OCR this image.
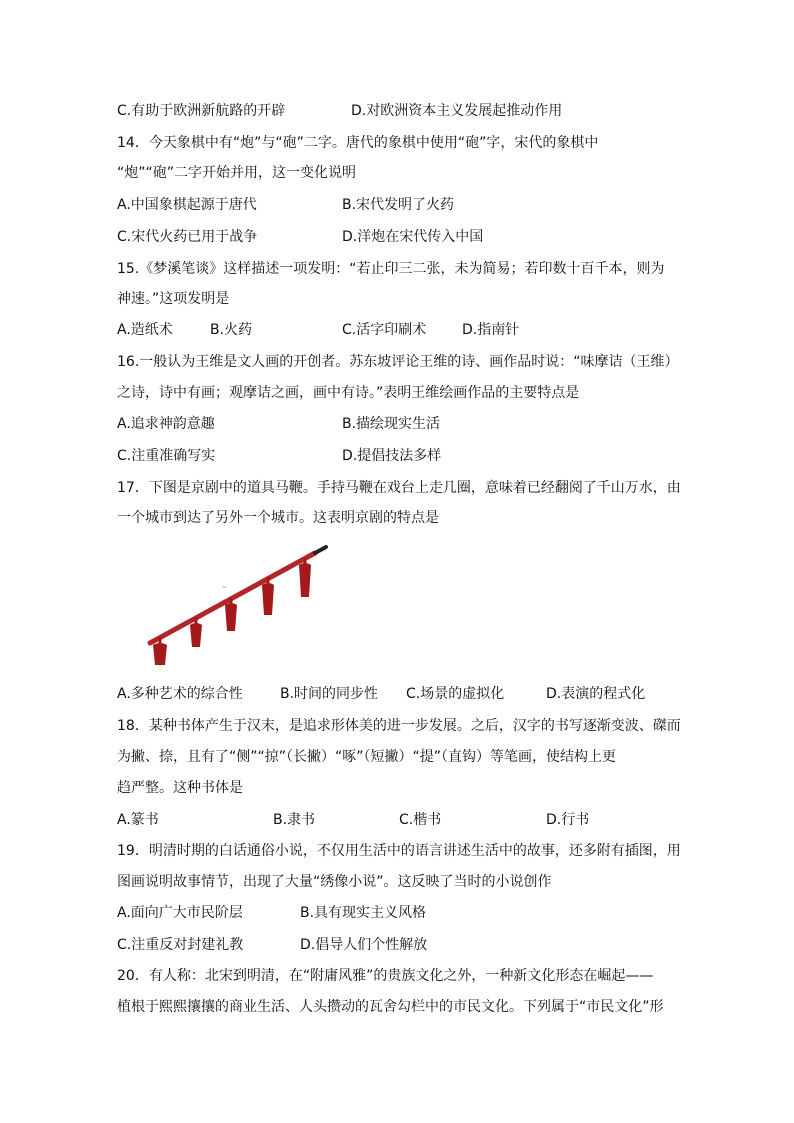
C.有助于欧洲新航路的开辟	D.对欧洲资本主义发展起推动作用
14．今天象棋中有“炮”与“砲”二字。唐代的象棋中使用“砲”字，宋代的象棋中
“炮”“砲”二字开始并用，这一变化说明
A.中国象棋起源于唐代	B.宋代发明了火药
C.宋代火药已用于战争	D.洋炮在宋代传入中国
15.《梦溪笔谈》这样描述一项发明：“若止印三二张，未为简易；若印数十百千本，则为
神速。”这项发明是
A.造纸术	B.火药	C.活字印刷术	D.指南针
16.一般认为王维是文人画的开创者。苏东坡评论王维的诗、画作品时说：“味摩诘（王维）
之诗，诗中有画；观摩诘之画，画中有诗。”表明王维绘画作品的主要特点是
A.追求神韵意趣	B.描绘现实生活
C.注重准确写实	D.提倡技法多样
17．下图是京剧中的道具马鞭。手持马鞭在戏台上走几圈，意味着已经翻阅了千山万水，由
一个城市到达了另外一个城市。这表明京剧的特点是
~
A.多种艺术的综合性	B.时间的同步性 C.场景的虚拟化	D.表演的程式化
18．某种书体产生于汉末，是追求形体美的进一步发展。之后，汉字的书写逐渐变波、磔而
为撇、捺，且有了“侧”“掠”（长撇）“啄”（短撇）“提”（直钩）等笔画，使结构上更
趋严整。这种书体是
A.篆书	B.隶书	C.楷书	D.行书
19．明清时期的白话通俗小说，不仅用生活中的语言讲述生活中的故事，还多附有插图，用
图画说明故事情节，出现了大量“绣像小说”。这反映了当时的小说创作
A.面向广大市民阶层	B.具有现实主义风格
C.注重反对封建礼教	D.倡导人们个性解放
20．有人称：北宋到明清，在“附庸风雅”的贵族文化之外，一种新文化形态在崛起——
植根于熙熙攘攘的商业生活、人头攒动的瓦舍勾栏中的市民文化。下列属于“市民文化”形
